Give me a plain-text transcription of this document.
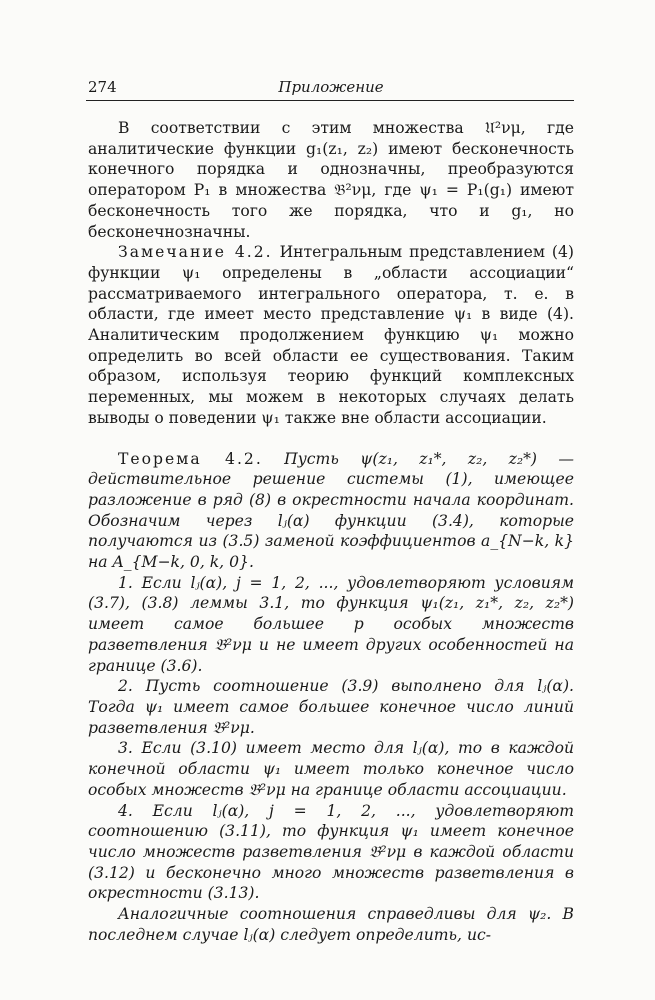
274	Приложение

В соответствии с этим множества 𝔘²νμ, где аналитические функции g₁(z₁, z₂) имеют бесконечность конечного порядка и однозначны, преобразуются оператором P₁ в множества 𝔅²νμ, где ψ₁ = P₁(g₁) имеют бесконечность того же порядка, что и g₁, но бесконечнозначны.

Замечание 4.2. Интегральным представлением (4) функции ψ₁ определены в „области ассоциации“ рассматриваемого интегрального оператора, т. е. в области, где имеет место представление ψ₁ в виде (4). Аналитическим продолжением функцию ψ₁ можно определить во всей области ее существования. Таким образом, используя теорию функций комплексных переменных, мы можем в некоторых случаях делать выводы о поведении ψ₁ также вне области ассоциации.

Теорема 4.2. Пусть ψ(z₁, z₁*, z₂, z₂*) — действительное решение системы (1), имеющее разложение в ряд (8) в окрестности начала координат. Обозначим через lⱼ(α) функции (3.4), которые получаются из (3.5) заменой коэффициентов a_{N−k, k} на A_{M−k, 0, k, 0}.

1. Если lⱼ(α), j = 1, 2, ..., удовлетворяют условиям (3.7), (3.8) леммы 3.1, то функция ψ₁(z₁, z₁*, z₂, z₂*) имеет самое большее p особых множеств разветвления 𝔅²νμ и не имеет других особенностей на границе (3.6).

2. Пусть соотношение (3.9) выполнено для lⱼ(α). Тогда ψ₁ имеет самое большее конечное число линий разветвления 𝔅²νμ.

3. Если (3.10) имеет место для lⱼ(α), то в каждой конечной области ψ₁ имеет только конечное число особых множеств 𝔅²νμ на границе области ассоциации.

4. Если lⱼ(α), j = 1, 2, ..., удовлетворяют соотношению (3.11), то функция ψ₁ имеет конечное число множеств разветвления 𝔅²νμ в каждой области (3.12) и бесконечно много множеств разветвления в окрестности (3.13).

Аналогичные соотношения справедливы для ψ₂. В последнем случае lⱼ(α) следует определить, ис-
